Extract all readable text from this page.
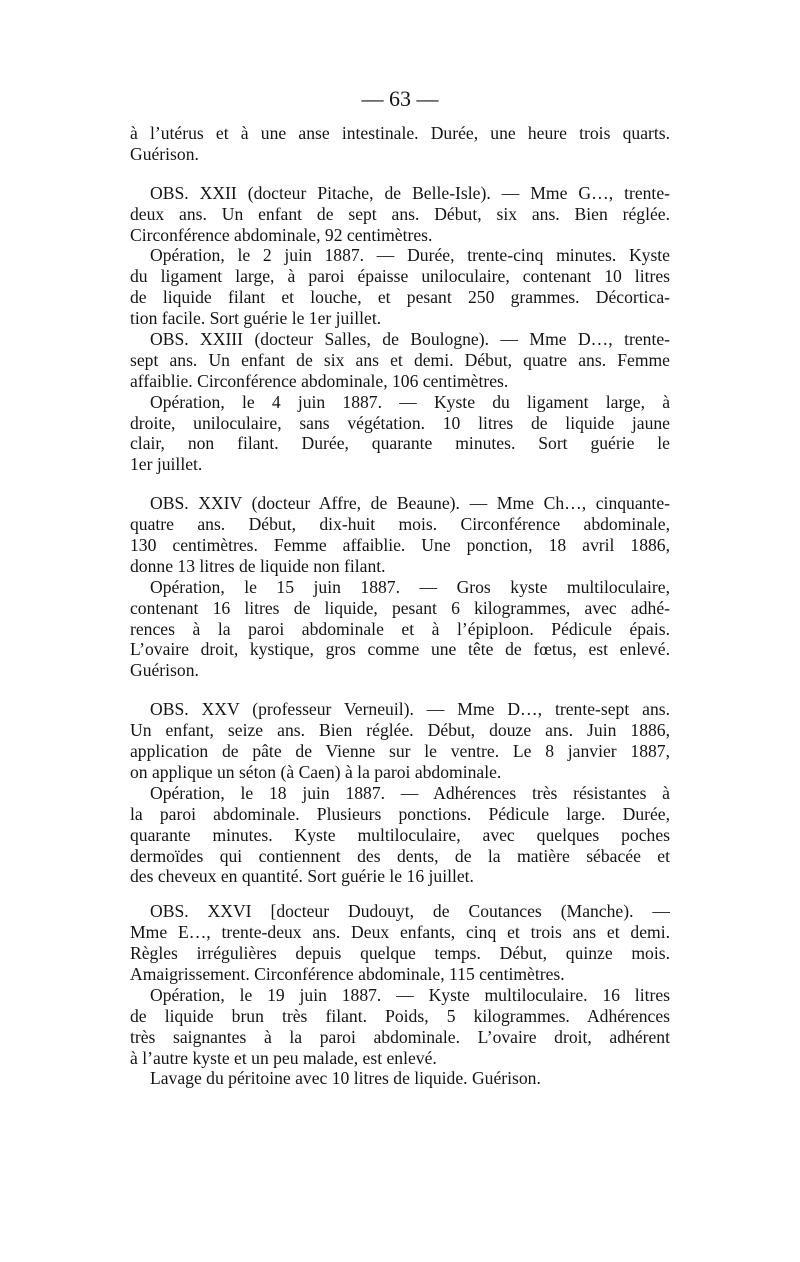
— 63 —
à l’utérus et à une anse intestinale. Durée, une heure trois quarts.
Guérison.
OBS. XXII (docteur Pitache, de Belle-Isle). — Mme G…, trente-
deux ans. Un enfant de sept ans. Début, six ans. Bien réglée.
Circonférence abdominale, 92 centimètres.
Opération, le 2 juin 1887. — Durée, trente-cinq minutes. Kyste
du ligament large, à paroi épaisse uniloculaire, contenant 10 litres
de liquide filant et louche, et pesant 250 grammes. Décortica-
tion facile. Sort guérie le 1er juillet.
OBS. XXIII (docteur Salles, de Boulogne). — Mme D…, trente-
sept ans. Un enfant de six ans et demi. Début, quatre ans. Femme
affaiblie. Circonférence abdominale, 106 centimètres.
Opération, le 4 juin 1887. — Kyste du ligament large, à
droite, uniloculaire, sans végétation. 10 litres de liquide jaune
clair, non filant. Durée, quarante minutes. Sort guérie le
1er juillet.
OBS. XXIV (docteur Affre, de Beaune). — Mme Ch…, cinquante-
quatre ans. Début, dix-huit mois. Circonférence abdominale,
130 centimètres. Femme affaiblie. Une ponction, 18 avril 1886,
donne 13 litres de liquide non filant.
Opération, le 15 juin 1887. — Gros kyste multiloculaire,
contenant 16 litres de liquide, pesant 6 kilogrammes, avec adhé-
rences à la paroi abdominale et à l’épiploon. Pédicule épais.
L’ovaire droit, kystique, gros comme une tête de fœtus, est enlevé.
Guérison.
OBS. XXV (professeur Verneuil). — Mme D…, trente-sept ans.
Un enfant, seize ans. Bien réglée. Début, douze ans. Juin 1886,
application de pâte de Vienne sur le ventre. Le 8 janvier 1887,
on applique un séton (à Caen) à la paroi abdominale.
Opération, le 18 juin 1887. — Adhérences très résistantes à
la paroi abdominale. Plusieurs ponctions. Pédicule large. Durée,
quarante minutes. Kyste multiloculaire, avec quelques poches
dermoïdes qui contiennent des dents, de la matière sébacée et
des cheveux en quantité. Sort guérie le 16 juillet.
OBS. XXVI [docteur Dudouyt, de Coutances (Manche). —
Mme E…, trente-deux ans. Deux enfants, cinq et trois ans et demi.
Règles irrégulières depuis quelque temps. Début, quinze mois.
Amaigrissement. Circonférence abdominale, 115 centimètres.
Opération, le 19 juin 1887. — Kyste multiloculaire. 16 litres
de liquide brun très filant. Poids, 5 kilogrammes. Adhérences
très saignantes à la paroi abdominale. L’ovaire droit, adhérent
à l’autre kyste et un peu malade, est enlevé.
Lavage du péritoine avec 10 litres de liquide. Guérison.
